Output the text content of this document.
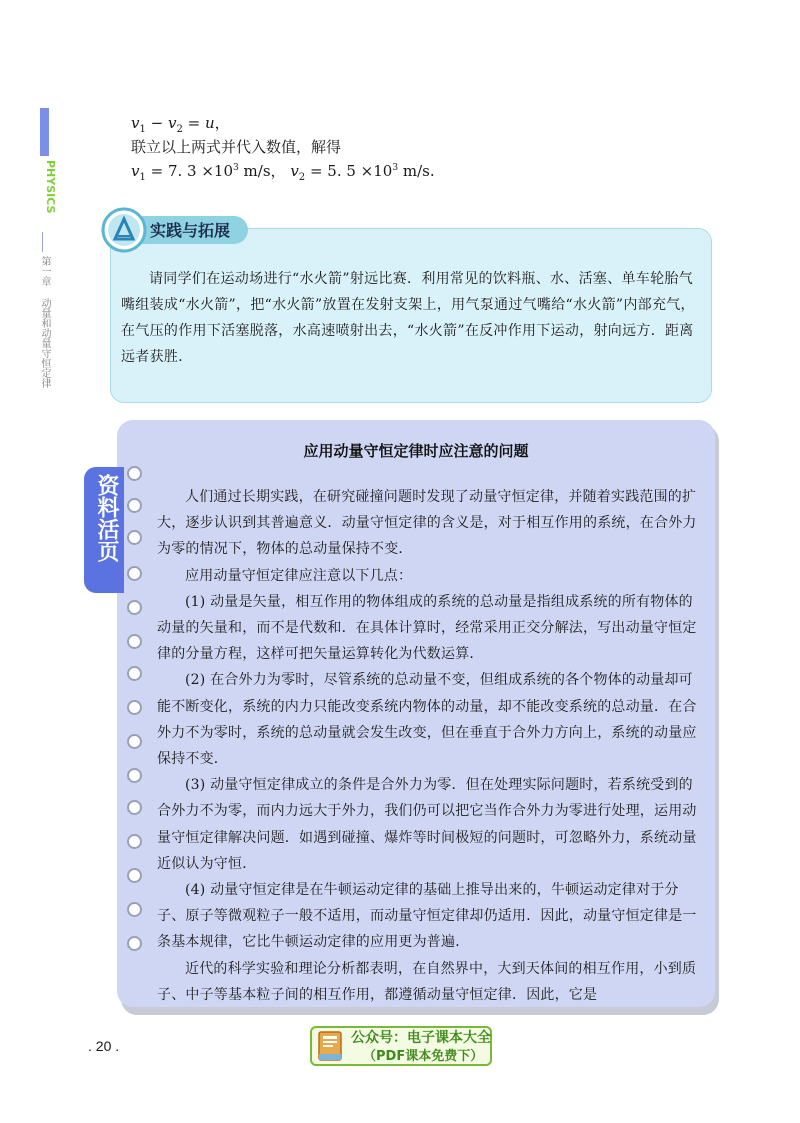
PHYSICS
第一章
动量和动量守恒定律
$v_1 - v_2 = u$，
联立以上两式并代入数值，解得
$v_1 = 7$. $3 \times 10^3$ m/s， $v_2 = 5$. $5 \times 10^3$ m/s.
实践与拓展
请同学们在运动场进行“水火箭”射远比赛．利用常见的饮料瓶、水、活塞、单车轮胎气嘴组装成“水火箭”，把“水火箭”放置在发射支架上，用气泵通过气嘴给“水火箭”内部充气，在气压的作用下活塞脱落，水高速喷射出去，“水火箭”在反冲作用下运动，射向远方．距离远者获胜．
资料活页
应用动量守恒定律时应注意的问题

人们通过长期实践，在研究碰撞问题时发现了动量守恒定律，并随着实践范围的扩大，逐步认识到其普遍意义．动量守恒定律的含义是，对于相互作用的系统，在合外力为零的情况下，物体的总动量保持不变．

应用动量守恒定律应注意以下几点：

(1) 动量是矢量，相互作用的物体组成的系统的总动量是指组成系统的所有物体的动量的矢量和，而不是代数和．在具体计算时，经常采用正交分解法，写出动量守恒定律的分量方程，这样可把矢量运算转化为代数运算．

(2) 在合外力为零时，尽管系统的总动量不变，但组成系统的各个物体的动量却可能不断变化，系统的内力只能改变系统内物体的动量，却不能改变系统的总动量．在合外力不为零时，系统的总动量就会发生改变，但在垂直于合外力方向上，系统的动量应保持不变．

(3) 动量守恒定律成立的条件是合外力为零．但在处理实际问题时，若系统受到的合外力不为零，而内力远大于外力，我们仍可以把它当作合外力为零进行处理，运用动量守恒定律解决问题．如遇到碰撞、爆炸等时间极短的问题时，可忽略外力，系统动量近似认为守恒．

(4) 动量守恒定律是在牛顿运动定律的基础上推导出来的，牛顿运动定律对于分子、原子等微观粒子一般不适用，而动量守恒定律却仍适用．因此，动量守恒定律是一条基本规律，它比牛顿运动定律的应用更为普遍．

近代的科学实验和理论分析都表明，在自然界中，大到天体间的相互作用，小到质子、中子等基本粒子间的相互作用，都遵循动量守恒定律．因此，它是

. 20 .	公众号：电子课本大全
（PDF课本免费下）
